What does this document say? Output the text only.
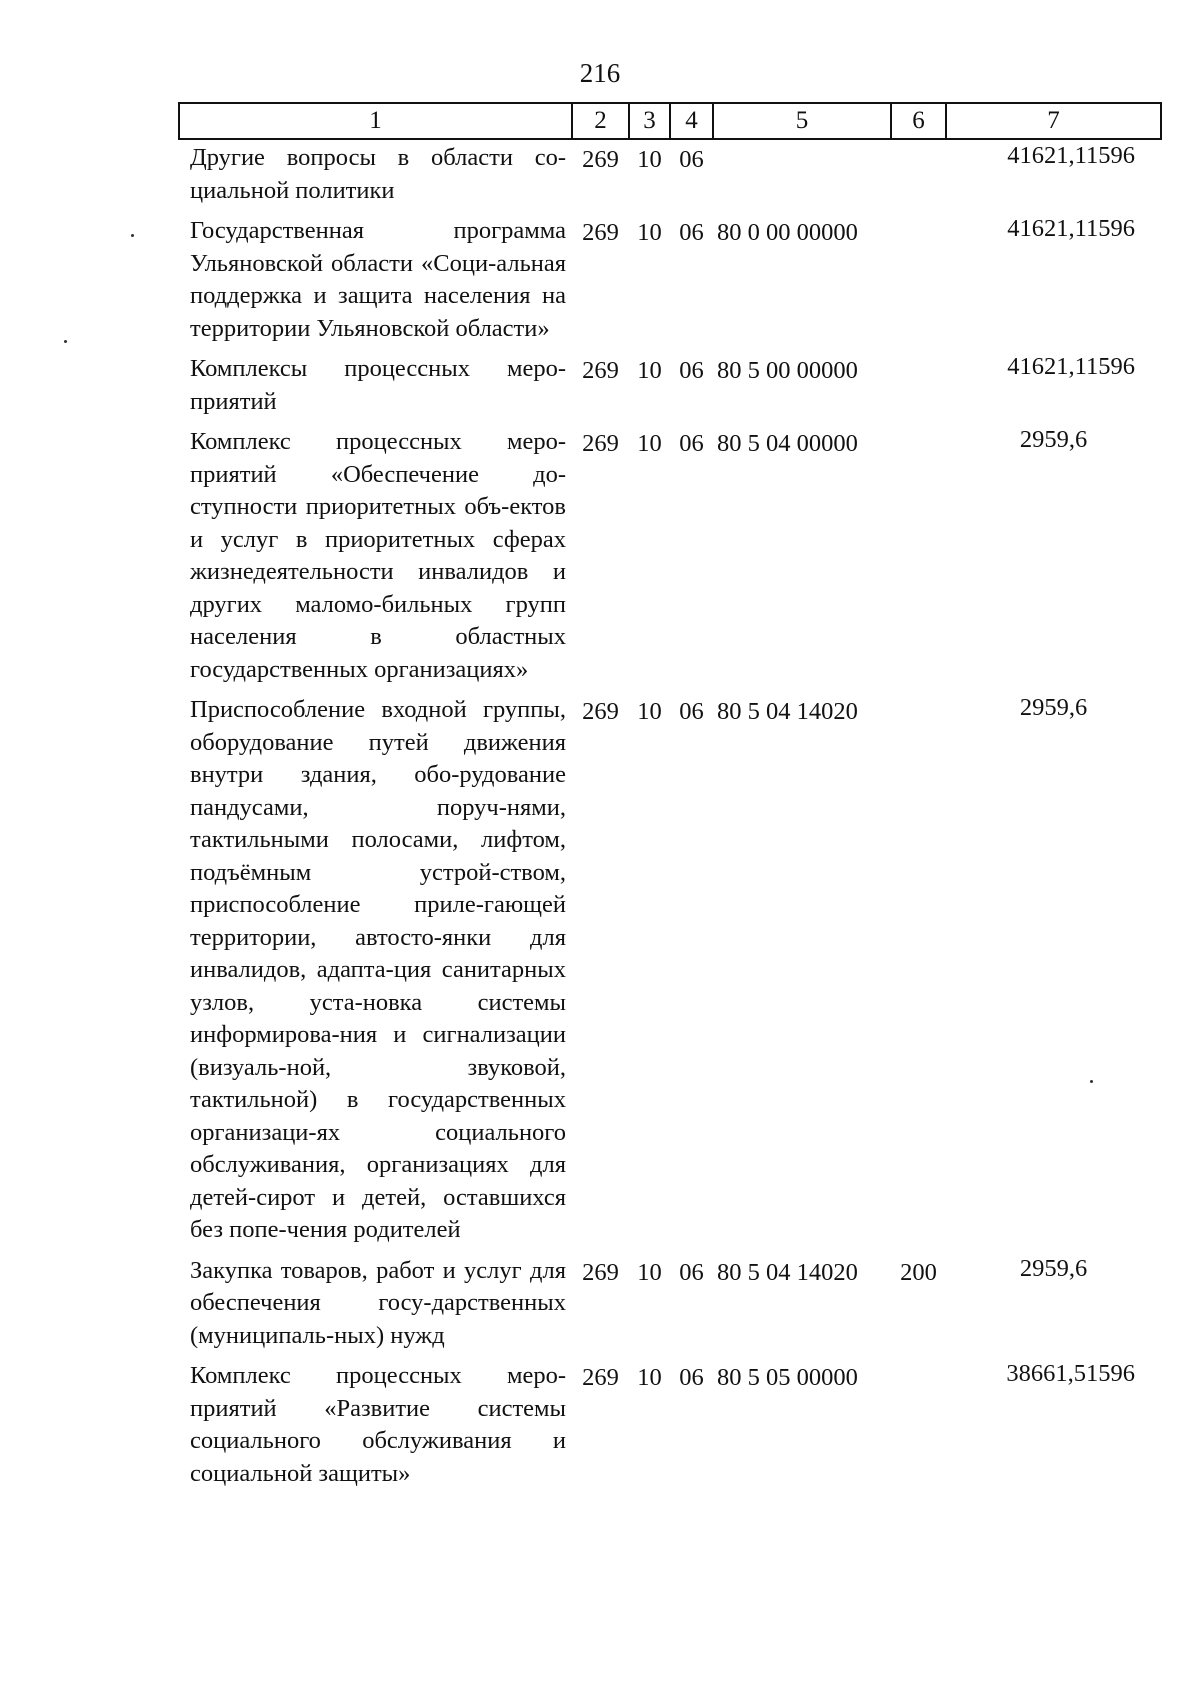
216
1	2	3	4	5	6	7
Другие вопросы в области со-циальной политики	269	10	06			41621,11596
Государственная программа Ульяновской области «Соци-альная поддержка и защита населения на территории Ульяновской области»	269	10	06	80 0 00 00000		41621,11596
Комплексы процессных меро-приятий	269	10	06	80 5 00 00000		41621,11596
Комплекс процессных меро-приятий «Обеспечение до-ступности приоритетных объ-ектов и услуг в приоритетных сферах жизнедеятельности инвалидов и других маломо-бильных групп населения в областных государственных организациях»	269	10	06	80 5 04 00000		2959,6
Приспособление входной группы, оборудование путей движения внутри здания, обо-рудование пандусами, поруч-нями, тактильными полосами, лифтом, подъёмным устрой-ством, приспособление приле-гающей территории, автосто-янки для инвалидов, адапта-ция санитарных узлов, уста-новка системы информирова-ния и сигнализации (визуаль-ной, звуковой, тактильной) в государственных организаци-ях социального обслуживания, организациях для детей-сирот и детей, оставшихся без попе-чения родителей	269	10	06	80 5 04 14020		2959,6
Закупка товаров, работ и услуг для обеспечения госу-дарственных (муниципаль-ных) нужд	269	10	06	80 5 04 14020	200	2959,6
Комплекс процессных меро-приятий «Развитие системы социального обслуживания и социальной защиты»	269	10	06	80 5 05 00000		38661,51596
